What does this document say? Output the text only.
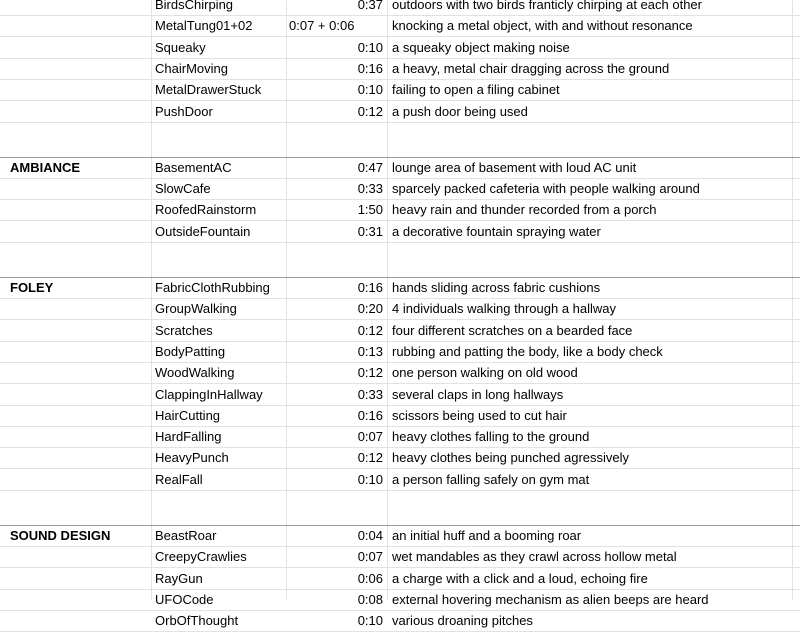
BirdsChirping	0:37 outdoors with two birds franticly chirping at each other
MetalTung01+02	0:07 + 0:06	knocking a metal object, with and without resonance
Squeaky	0:10 a squeaky object making noise
ChairMoving	0:16 a heavy, metal chair dragging across the ground
MetalDrawerStuck	0:10 failing to open a filing cabinet
PushDoor	0:12 a push door being used
AMBIANCE	BasementAC	0:47 lounge area of basement with loud AC unit
SlowCafe	0:33 sparcely packed cafeteria with people walking around
RoofedRainstorm	1:50 heavy rain and thunder recorded from a porch
OutsideFountain	0:31 a decorative fountain spraying water
FOLEY	FabricClothRubbing	0:16 hands sliding across fabric cushions
GroupWalking	0:20 4 individuals walking through a hallway
Scratches	0:12 four different scratches on a bearded face
BodyPatting	0:13 rubbing and patting the body, like a body check
WoodWalking	0:12 one person walking on old wood
ClappingInHallway	0:33 several claps in long hallways
HairCutting	0:16 scissors being used to cut hair
HardFalling	0:07 heavy clothes falling to the ground
HeavyPunch	0:12 heavy clothes being punched agressively
RealFall	0:10 a person falling safely on gym mat
SOUND DESIGN	BeastRoar	0:04 an initial huff and a booming roar
CreepyCrawlies	0:07 wet mandables as they crawl across hollow metal
RayGun	0:06 a charge with a click and a loud, echoing fire
UFOCode	0:08 external hovering mechanism as alien beeps are heard
OrbOfThought	0:10 various droaning pitches
